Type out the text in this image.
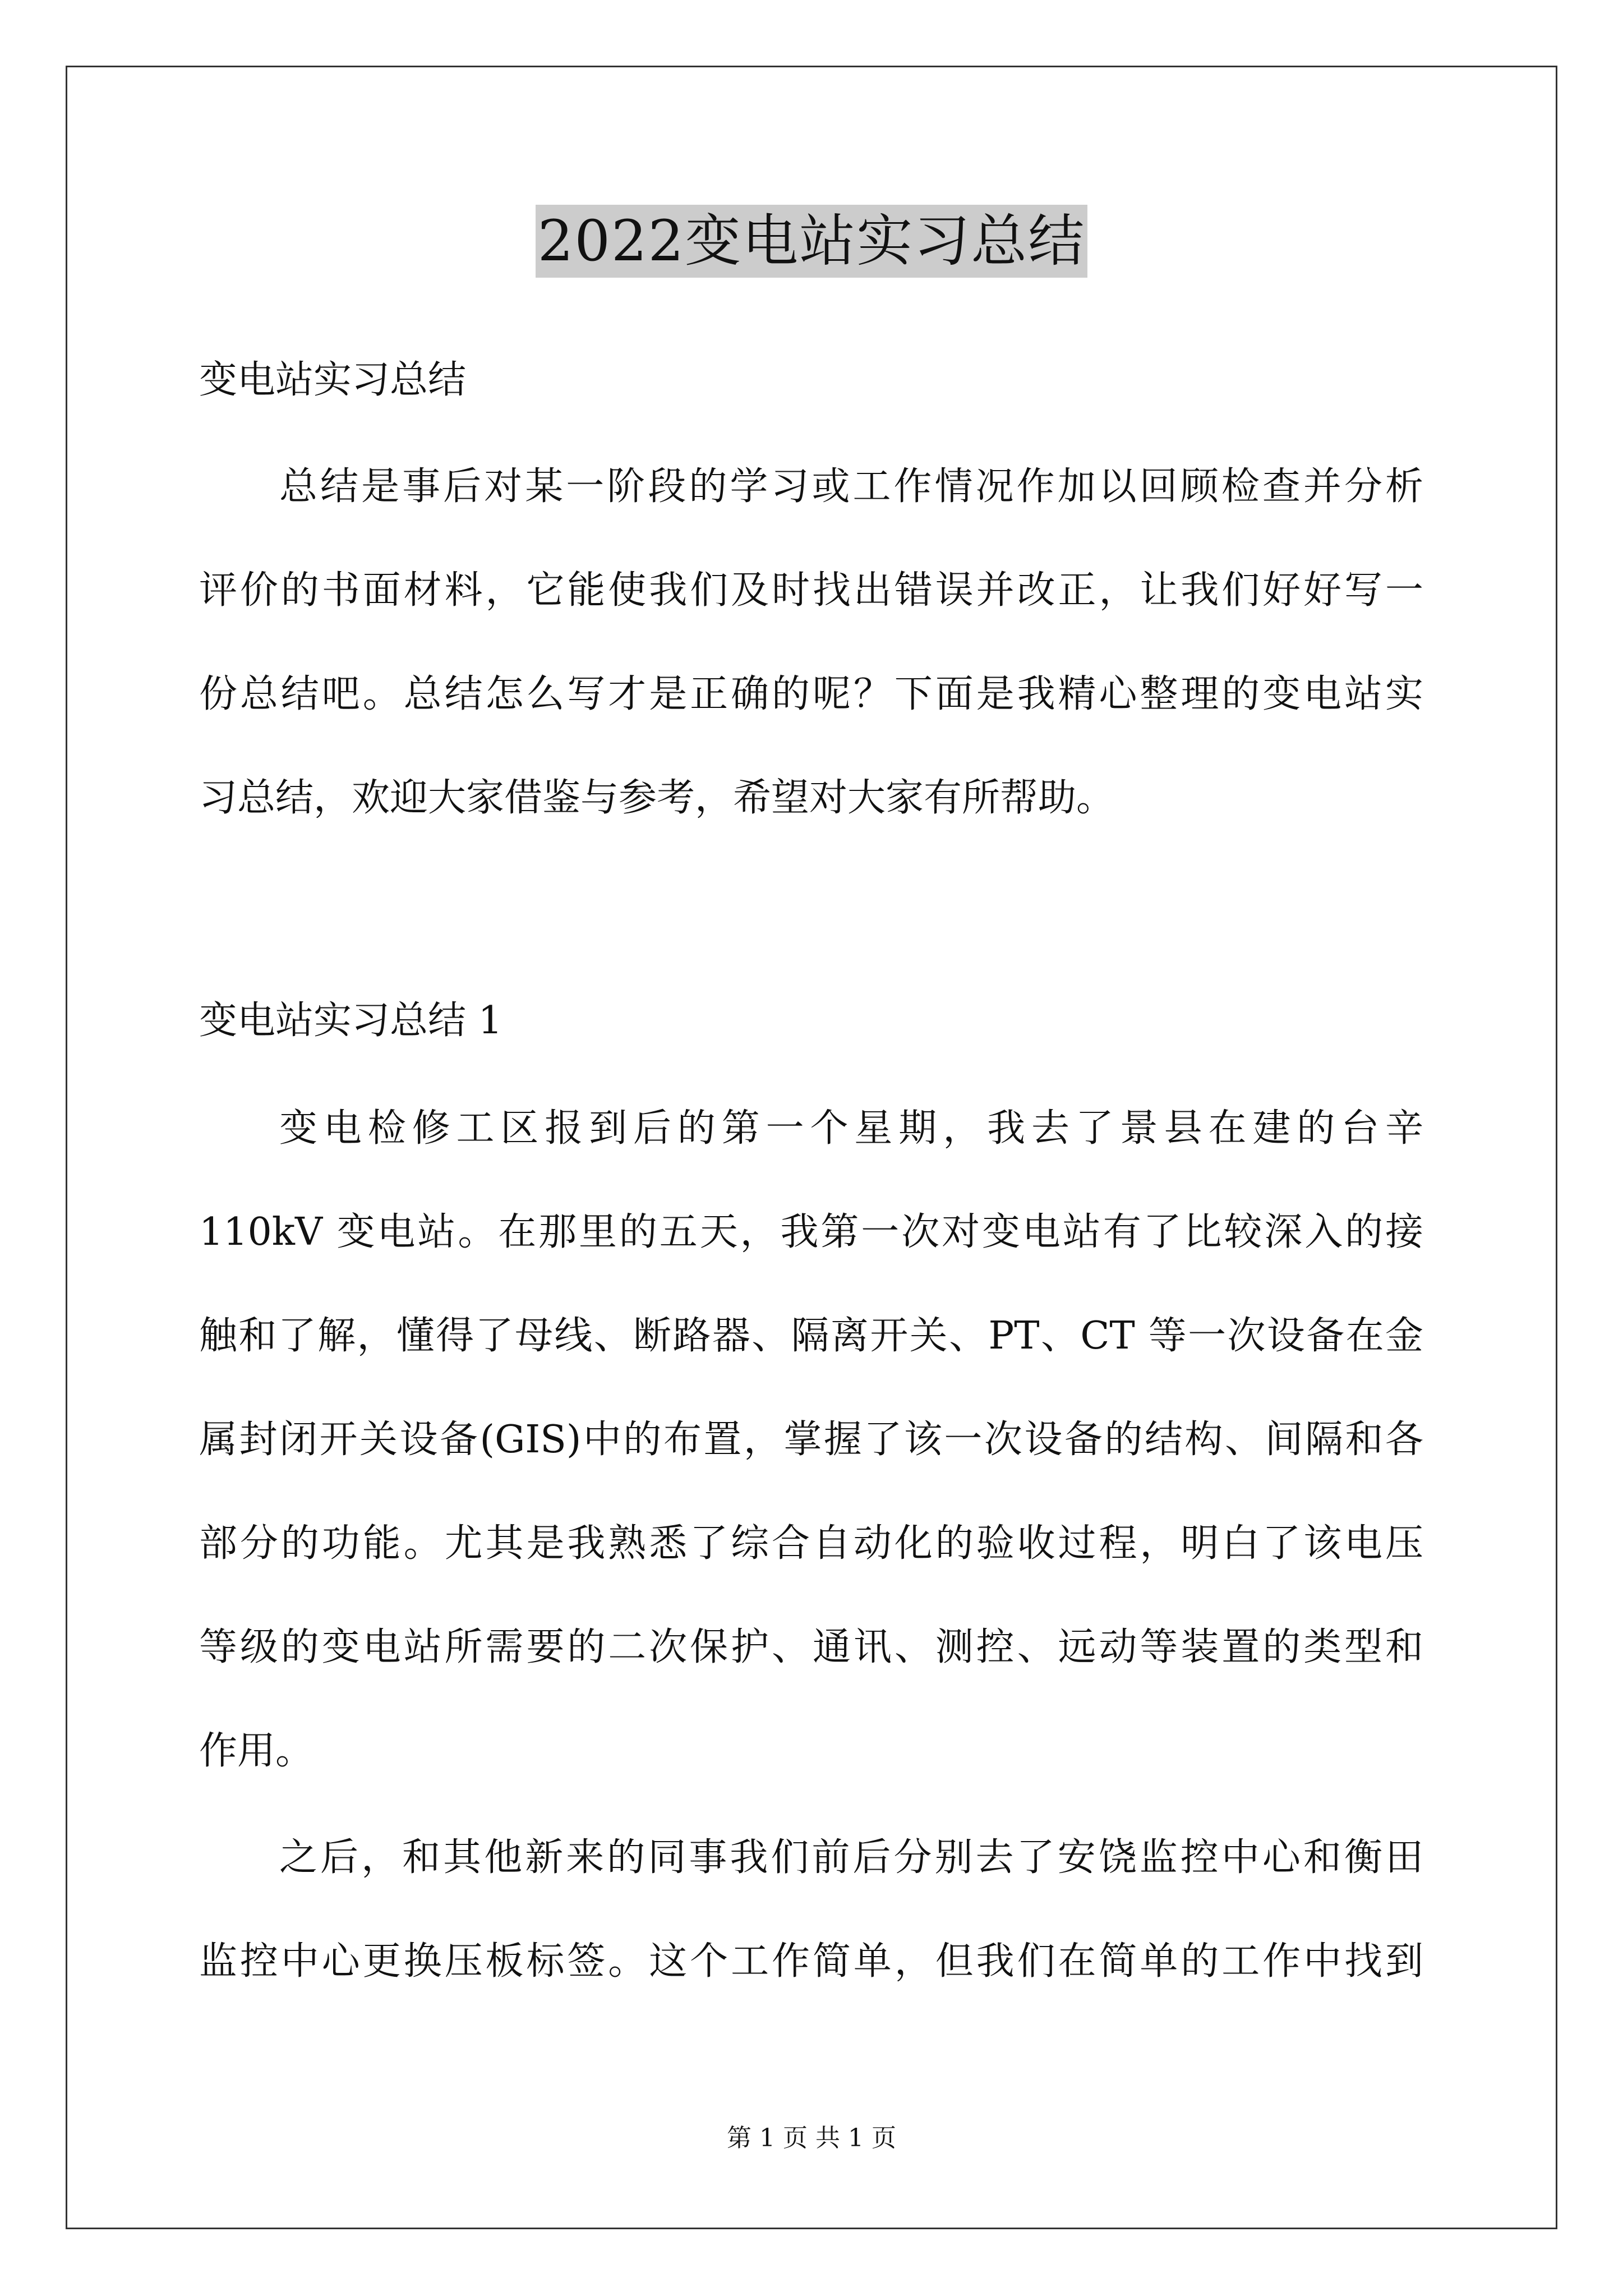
2022变电站实习总结
变电站实习总结
总结是事后对某一阶段的学习或工作情况作加以回顾检查并分析
评价的书面材料，它能使我们及时找出错误并改正，让我们好好写一
份总结吧。总结怎么写才是正确的呢？下面是我精心整理的变电站实
习总结，欢迎大家借鉴与参考，希望对大家有所帮助。
变电站实习总结 1
变电检修工区报到后的第一个星期，我去了景县在建的台辛
110kV 变电站。在那里的五天，我第一次对变电站有了比较深入的接
触和了解，懂得了母线、断路器、隔离开关、PT、CT 等一次设备在金
属封闭开关设备(GIS)中的布置，掌握了该一次设备的结构、间隔和各
部分的功能。尤其是我熟悉了综合自动化的验收过程，明白了该电压
等级的变电站所需要的二次保护、通讯、测控、远动等装置的类型和
作用。
之后，和其他新来的同事我们前后分别去了安饶监控中心和衡田
监控中心更换压板标签。这个工作简单，但我们在简单的工作中找到
第 1 页 共 1 页
